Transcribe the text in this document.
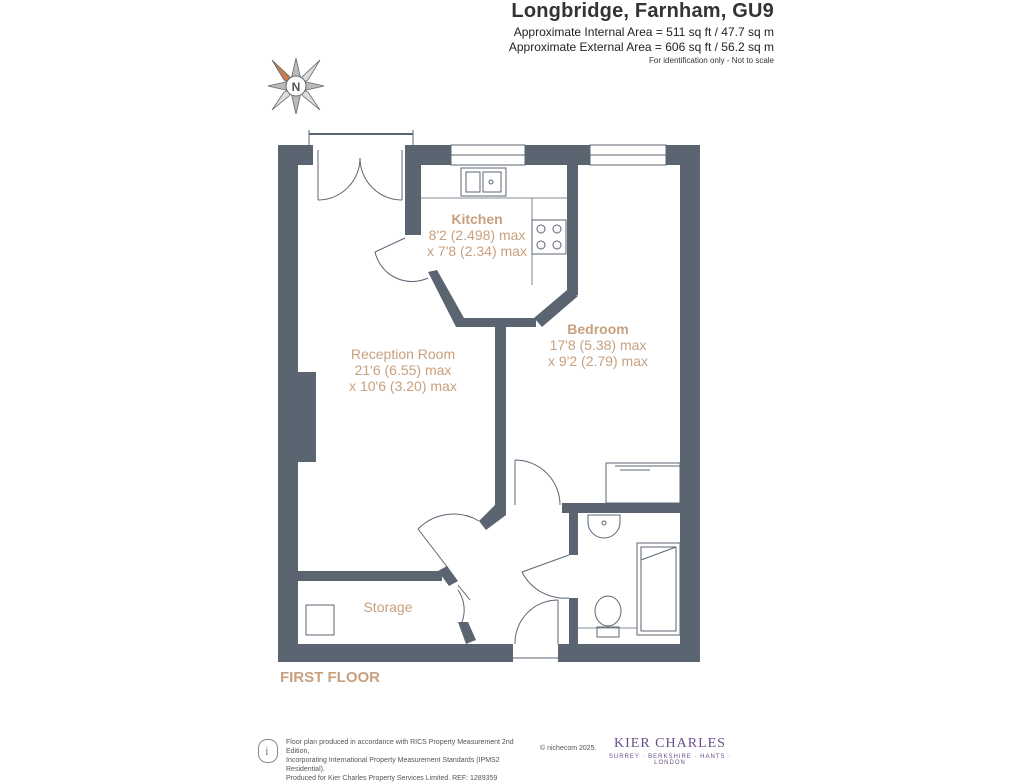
Longbridge, Farnham, GU9
Approximate Internal Area = 511 sq ft / 47.7 sq m
Approximate External Area = 606 sq ft / 56.2 sq m
For identification only - Not to scale
N
Kitchen
8'2 (2.498) max
x 7'8 (2.34) max
Bedroom
17'8 (5.38) max
x 9'2 (2.79) max
Reception Room
21'6 (6.55) max
x 10'6 (3.20) max
Storage
FIRST FLOOR
i
Floor plan produced in accordance with RICS Property Measurement 2nd Edition,
Incorporating International Property Measurement Standards (IPMS2 Residential).
Produced for Kier Charles Property Services Limited. REF: 1289359
© nichecom 2025.	KIER CHARLES
SURREY · BERKSHIRE · HANTS · LONDON
